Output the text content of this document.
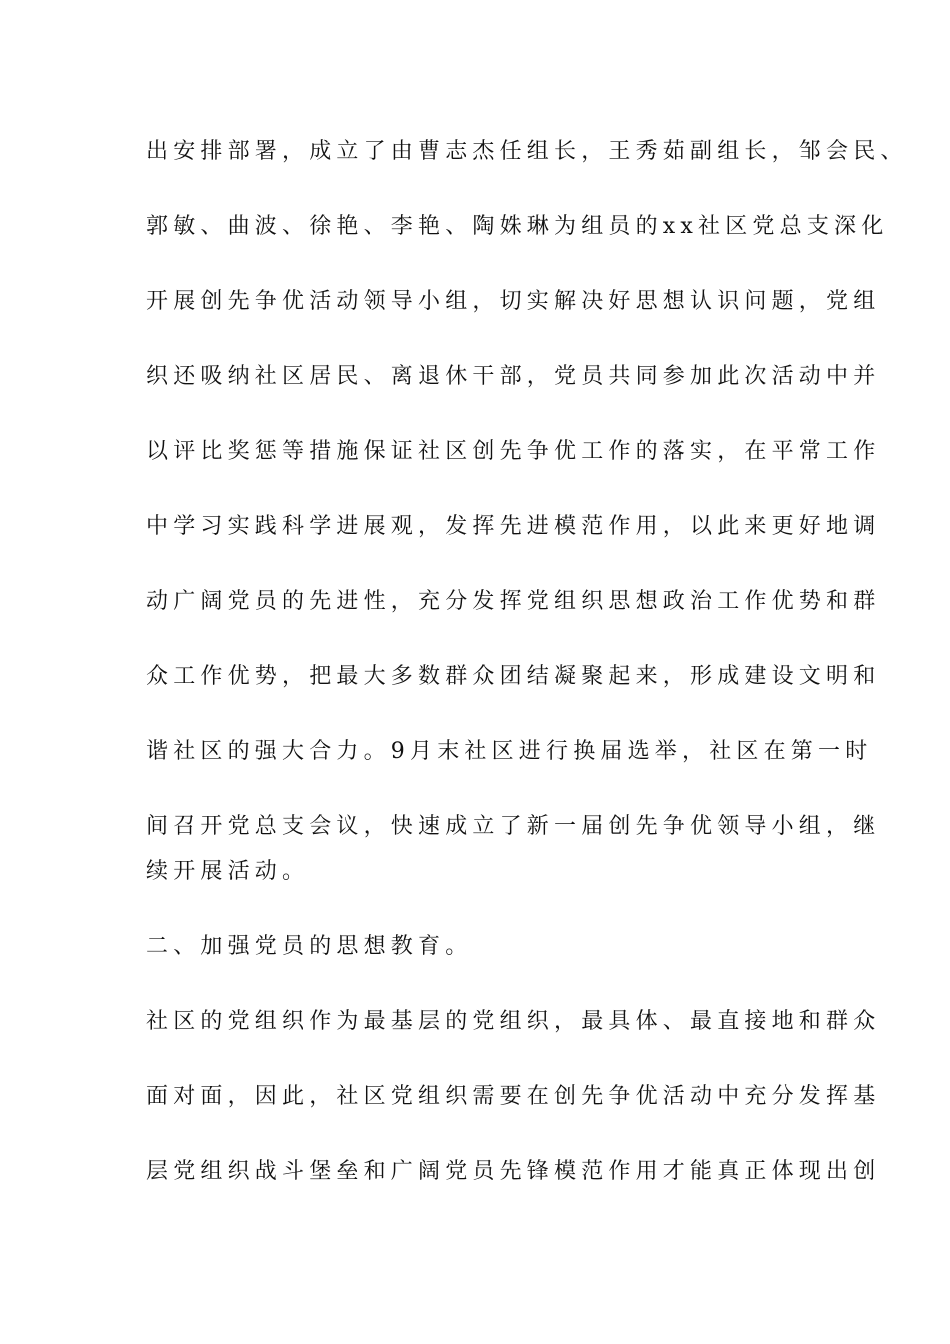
出安排部署，成立了由曹志杰任组长，王秀茹副组长，邹会民、
郭敏、曲波、徐艳、李艳、陶姝琳为组员的xx社区党总支深化
开展创先争优活动领导小组，切实解决好思想认识问题，党组
织还吸纳社区居民、离退休干部，党员共同参加此次活动中并
以评比奖惩等措施保证社区创先争优工作的落实，在平常工作
中学习实践科学进展观，发挥先进模范作用，以此来更好地调
动广阔党员的先进性，充分发挥党组织思想政治工作优势和群
众工作优势，把最大多数群众团结凝聚起来，形成建设文明和
谐社区的强大合力。9月末社区进行换届选举，社区在第一时
间召开党总支会议，快速成立了新一届创先争优领导小组，继
续开展活动。
二、加强党员的思想教育。
社区的党组织作为最基层的党组织，最具体、最直接地和群众
面对面，因此，社区党组织需要在创先争优活动中充分发挥基
层党组织战斗堡垒和广阔党员先锋模范作用才能真正体现出创
